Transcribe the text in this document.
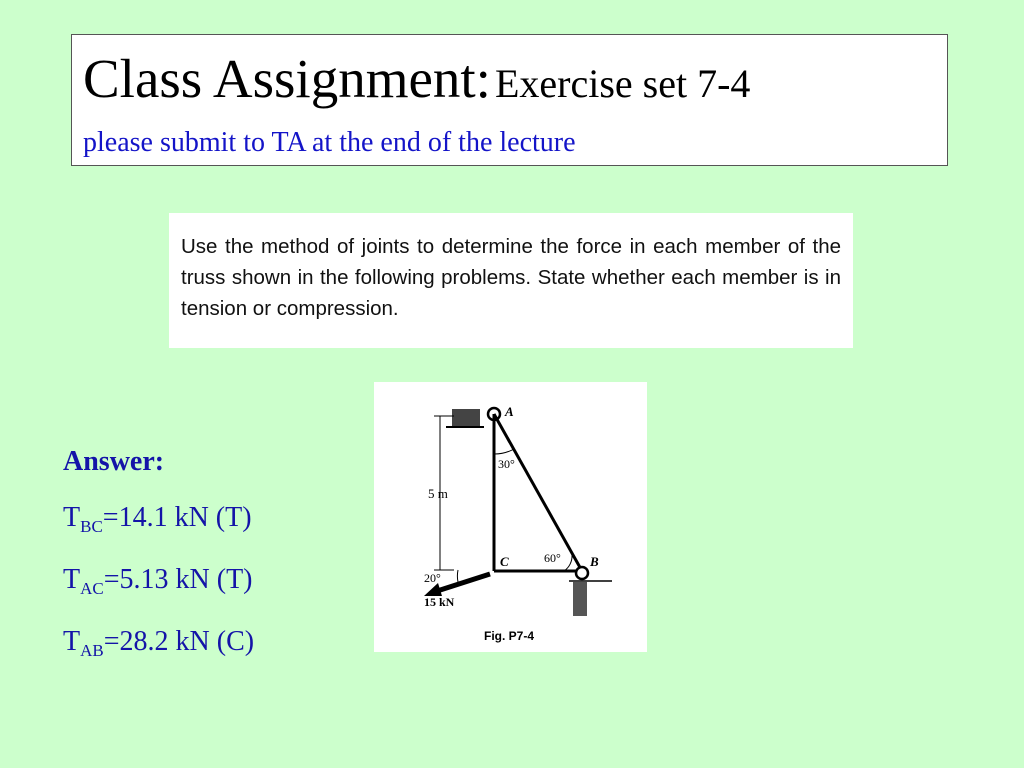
Class Assignment: Exercise set 7-4
please submit to TA at the end of the lecture
Use the method of joints to determine the force in each member of the truss shown in the following problems. State whether each member is in tension or compression.
A
B
C
5 m
30°
60°
20°
15 kN
Fig. P7-4
Answer:
$T_{BC}=14.1$ kN (T)
$T_{AC}=5.13$ kN (T)
$T_{AB}=28.2$ kN (C)
